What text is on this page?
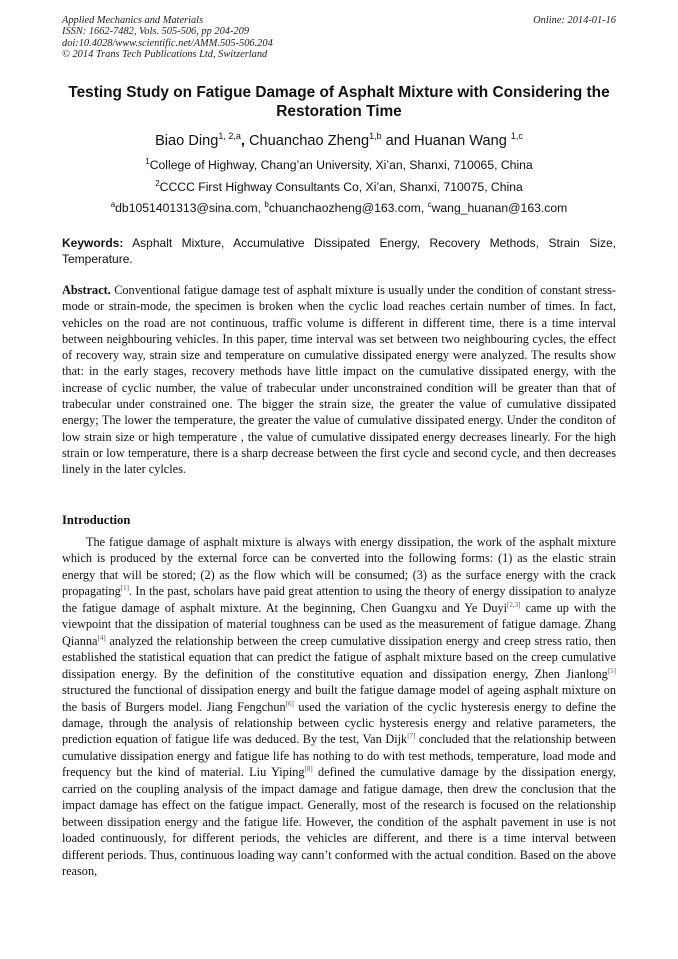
Applied Mechanics and Materials
ISSN: 1662-7482, Vols. 505-506, pp 204-209
doi:10.4028/www.scientific.net/AMM.505-506.204
© 2014 Trans Tech Publications Ltd, Switzerland
Online: 2014-01-16
Testing Study on Fatigue Damage of Asphalt Mixture with Considering the Restoration Time
Biao Ding$^{1, 2,a}$, Chuanchao Zheng$^{1,b}$ and Huanan Wang $^{1,c}$
$^1$College of Highway, Chang’an University, Xi’an, Shanxi, 710065, China
$^2$CCCC First Highway Consultants Co, Xi’an, Shanxi, 710075, China
$^a$db1051401313@sina.com, $^b$chuanchaozheng@163.com, $^c$wang_huanan@163.com
Keywords: Asphalt Mixture, Accumulative Dissipated Energy, Recovery Methods, Strain Size, Temperature.
Abstract. Conventional fatigue damage test of asphalt mixture is usually under the condition of constant stress-mode or strain-mode, the specimen is broken when the cyclic load reaches certain number of times. In fact, vehicles on the road are not continuous, traffic volume is different in different time, there is a time interval between neighbouring vehicles. In this paper, time interval was set between two neighbouring cycles, the effect of recovery way, strain size and temperature on cumulative dissipated energy were analyzed. The results show that: in the early stages, recovery methods have little impact on the cumulative dissipated energy, with the increase of cyclic number, the value of trabecular under unconstrained condition will be greater than that of trabecular under constrained one. The bigger the strain size, the greater the value of cumulative dissipated energy; The lower the temperature, the greater the value of cumulative dissipated energy. Under the conditon of low strain size or high temperature , the value of cumulative dissipated energy decreases linearly. For the high strain or low temperature, there is a sharp decrease between the first cycle and second cycle, and then decreases linely in the later cylcles.
Introduction
The fatigue damage of asphalt mixture is always with energy dissipation, the work of the asphalt mixture which is produced by the external force can be converted into the following forms: (1) as the elastic strain energy that will be stored; (2) as the flow which will be consumed; (3) as the surface energy with the crack propagating[1]. In the past, scholars have paid great attention to using the theory of energy dissipation to analyze the fatigue damage of asphalt mixture. At the beginning, Chen Guangxu and Ye Duyi[2,3] came up with the viewpoint that the dissipation of material toughness can be used as the measurement of fatigue damage. Zhang Qianna[4] analyzed the relationship between the creep cumulative dissipation energy and creep stress ratio, then established the statistical equation that can predict the fatigue of asphalt mixture based on the creep cumulative dissipation energy. By the definition of the constitutive equation and dissipation energy, Zhen Jianlong[5] structured the functional of dissipation energy and built the fatigue damage model of ageing asphalt mixture on the basis of Burgers model. Jiang Fengchun[6] used the variation of the cyclic hysteresis energy to define the damage, through the analysis of relationship between cyclic hysteresis energy and relative parameters, the prediction equation of fatigue life was deduced. By the test, Van Dijk[7] concluded that the relationship between cumulative dissipation energy and fatigue life has nothing to do with test methods, temperature, load mode and frequency but the kind of material. Liu Yiping[8] defined the cumulative damage by the dissipation energy, carried on the coupling analysis of the impact damage and fatigue damage, then drew the conclusion that the impact damage has effect on the fatigue impact. Generally, most of the research is focused on the relationship between dissipation energy and the fatigue life. However, the condition of the asphalt pavement in use is not loaded continuously, for different periods, the vehicles are different, and there is a time interval between different periods. Thus, continuous loading way cann’t conformed with the actual condition. Based on the above reason,
